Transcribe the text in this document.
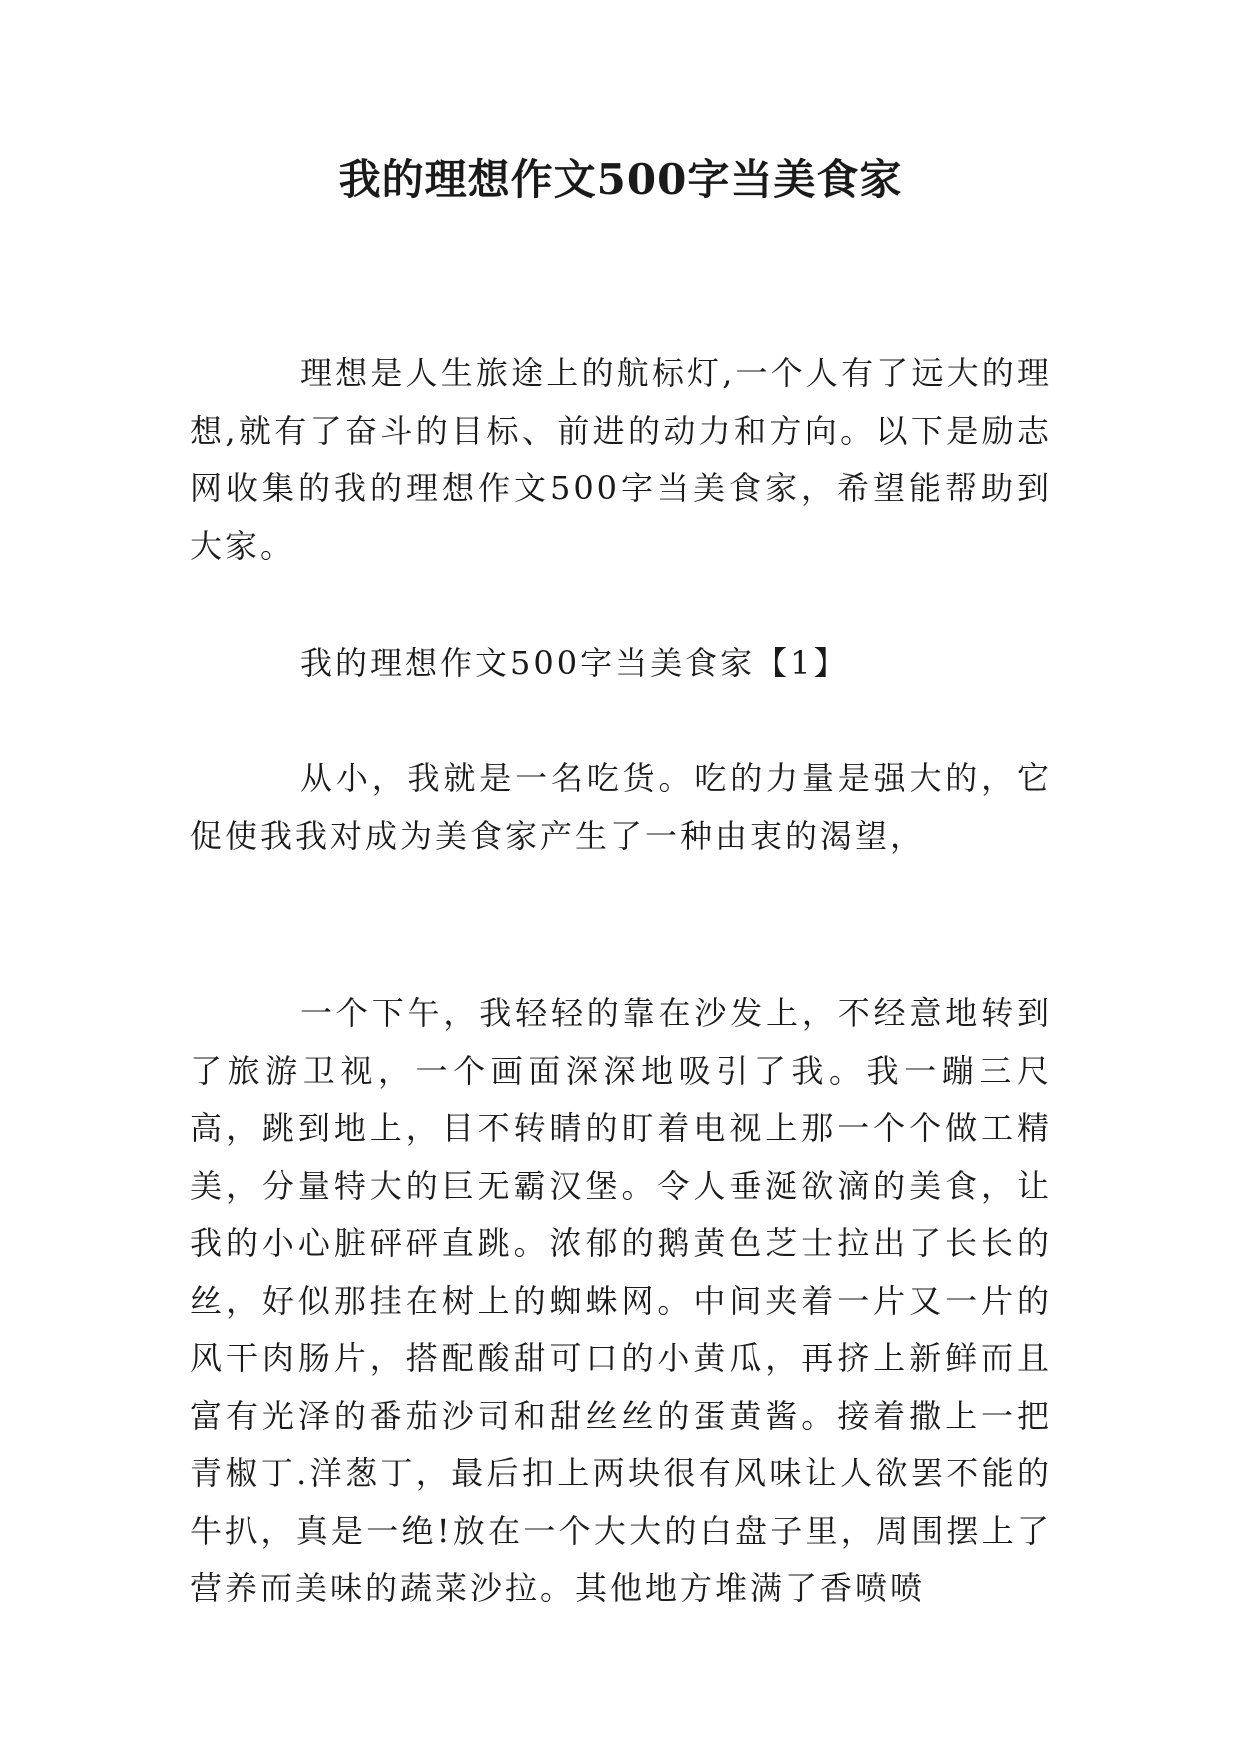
我的理想作文500字当美食家

理想是人生旅途上的航标灯,一个人有了远大的理想,就有了奋斗的目标、前进的动力和方向。以下是励志网收集的我的理想作文500字当美食家，希望能帮助到大家。

我的理想作文500字当美食家【1】

从小，我就是一名吃货。吃的力量是强大的，它促使我我对成为美食家产生了一种由衷的渴望，

一个下午，我轻轻的靠在沙发上，不经意地转到了旅游卫视，一个画面深深地吸引了我。我一蹦三尺高，跳到地上，目不转睛的盯着电视上那一个个做工精美，分量特大的巨无霸汉堡。令人垂涎欲滴的美食，让我的小心脏砰砰直跳。浓郁的鹅黄色芝士拉出了长长的丝，好似那挂在树上的蜘蛛网。中间夹着一片又一片的风干肉肠片，搭配酸甜可口的小黄瓜，再挤上新鲜而且富有光泽的番茄沙司和甜丝丝的蛋黄酱。接着撒上一把青椒丁.洋葱丁，最后扣上两块很有风味让人欲罢不能的牛扒，真是一绝!放在一个大大的白盘子里，周围摆上了营养而美味的蔬菜沙拉。其他地方堆满了香喷喷
